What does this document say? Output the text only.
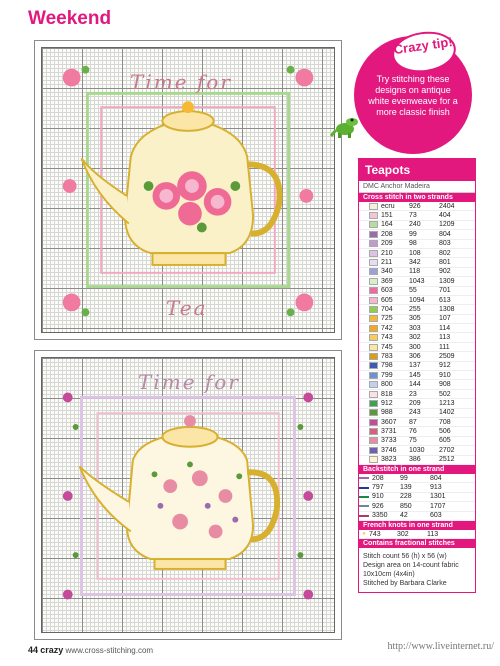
Weekend
Time for
Tea
Time for
Crazy tip!
Try stitching these designs on antique white evenweave for a more classic finish
Teapots
DMC Anchor Madeira
Cross stitch in two strands
ecru	926	2404
151	73	404
164	240	1209
208	99	804
209	98	803
210	108	802
211	342	801
340	118	902
369	1043	1309
603	55	701
605	1094	613
704	255	1308
725	305	107
742	303	114
743	302	113
745	300	111
783	306	2509
798	137	912
799	145	910
800	144	908
818	23	502
912	209	1213
988	243	1402
3607	87	708
3731	76	506
3733	75	605
3746	1030	2702
3823	386	2512
Backstitch in one strand
208	99	804
797	139	913
910	228	1301
926	850	1707
3350	42	603
French knots in one strand
● 743	302	113
Contains fractional stitches
Stitch count 56 (h) x 56 (w)
Design area on 14-count fabric 10x10cm (4x4in)
Stitched by Barbara Clarke
44 crazy www.cross-stitching.com	http://www.liveinternet.ru/
